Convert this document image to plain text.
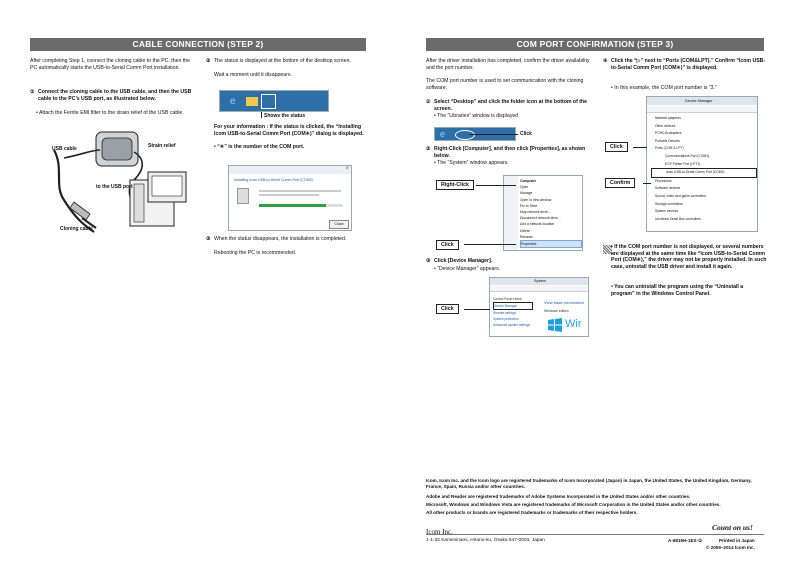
CABLE CONNECTION (STEP 2)

After completing Step 1, connect the cloning cable to the PC, then the PC automatically starts the USB-to-Serial Comm Port installation.

① Connect the cloning cable to the USB cable, and then the USB cable to the PC’s USB port, as illustrated below.
• Attach the Ferrite EMI filter to the strain relief of the USB cable.
USB cable	Strain relief
to the USB port
Cloning cable
② The status is displayed at the bottom of the desktop screen.
Wait a moment until it disappears.
e
Shows the status
For your information : If the status is clicked, the “Installing Icom USB-to-Serial Comm Port (COM✳)” dialog is displayed.
• “✳” is the number of the COM port.
×
Installing Icom USB-to-Serial Comm Port (COM3)
Close
③ When the status disappears, the installation is completed.
Rebooting the PC is recommended.
COM PORT CONFIRMATION (STEP 3)

After the driver installation has completed, confirm the driver availability and the port number.

The COM port number is used to set communication with the cloning software.

① Select “Desktop” and click the folder icon at the bottom of the screen.
• The “Libraries” window is displayed
e	Click
② Right-Click [Computer], and then click [Properties], as shown below.
• The “System” window appears.
Computer
Open
Manage
Open in new window
Pin to Start
Map network drive...
Disconnect network drive...
Add a network location
Delete
Rename
Properties
Right-Click
Click
③ Click [Device Manager].
• “Device Manager” appears.
System
Control Panel Home
Device Manager
Remote settings
System protection
Advanced system settings
View basic information
Windows edition
Wir
Click
④ Click the “▷” next to “Ports (COM&LPT).” Confirm “Icom USB-to-Serial Comm Port (COM✳)” is displayed.
• In this example, the COM port number is “3.”
Device Manager
Network adapters
Other devices
PCMCIA adapters
Portable Devices
Ports (COM & LPT)
Communications Port (COM1)
ECP Printer Port (LPT1)
Icom USB-to-Serial Comm Port (COM3)
Processors
Software devices
Sound, video and game controllers
Storage controllers
System devices
Universal Serial Bus controllers
Click
Confirm
• If the COM port number is not displayed, or several numbers are displayed at the same time like “Icom USB-to-Serial Comm Port (COM✳),” the driver may not be properly installed. In such case, uninstall the USB driver and install it again.
• You can uninstall the program using the “Uninstall a program” in the Windows Control Panel.
Icom, Icom Inc. and the Icom logo are registered trademarks of Icom Incorporated (Japan) in Japan, the United States, the United Kingdom, Germany, France, Spain, Russia and/or other countries.
Adobe and Reader are registered trademarks of Adobe Systems Incorporated in the United States and/or other countries.
Microsoft, Windows and Windows Vista are registered trademarks of Microsoft Corporation in the United States and/or other countries.
All other products or brands are registered trademarks or trademarks of their respective holders.
Icom Inc.
1-1-32 Kamiminami, Hirano-ku, Osaka 547-0003, Japan
Count on us!
A-6815H-1EX-①	Printed in Japan
© 2009–2014 Icom Inc.
